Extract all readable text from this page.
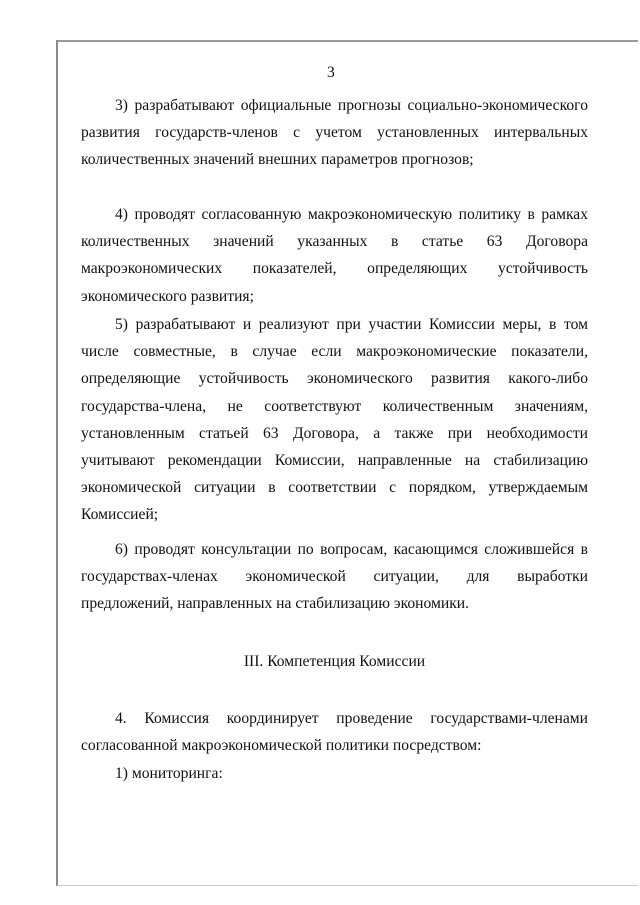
3

3) разрабатывают официальные прогнозы социально-экономического развития государств-членов с учетом установленных интервальных количественных значений внешних параметров прогнозов;

4) проводят согласованную макроэкономическую политику в рамках количественных значений указанных в статье 63 Договора макроэкономических показателей, определяющих устойчивость экономического развития;

5) разрабатывают и реализуют при участии Комиссии меры, в том числе совместные, в случае если макроэкономические показатели, определяющие устойчивость экономического развития какого-либо государства-члена, не соответствуют количественным значениям, установленным статьей 63 Договора, а также при необходимости учитывают рекомендации Комиссии, направленные на стабилизацию экономической ситуации в соответствии с порядком, утверждаемым Комиссией;

6) проводят консультации по вопросам, касающимся сложившейся в государствах-членах экономической ситуации, для выработки предложений, направленных на стабилизацию экономики.

III. Компетенция Комиссии

4. Комиссия координирует проведение государствами-членами согласованной макроэкономической политики посредством:

1) мониторинга:
